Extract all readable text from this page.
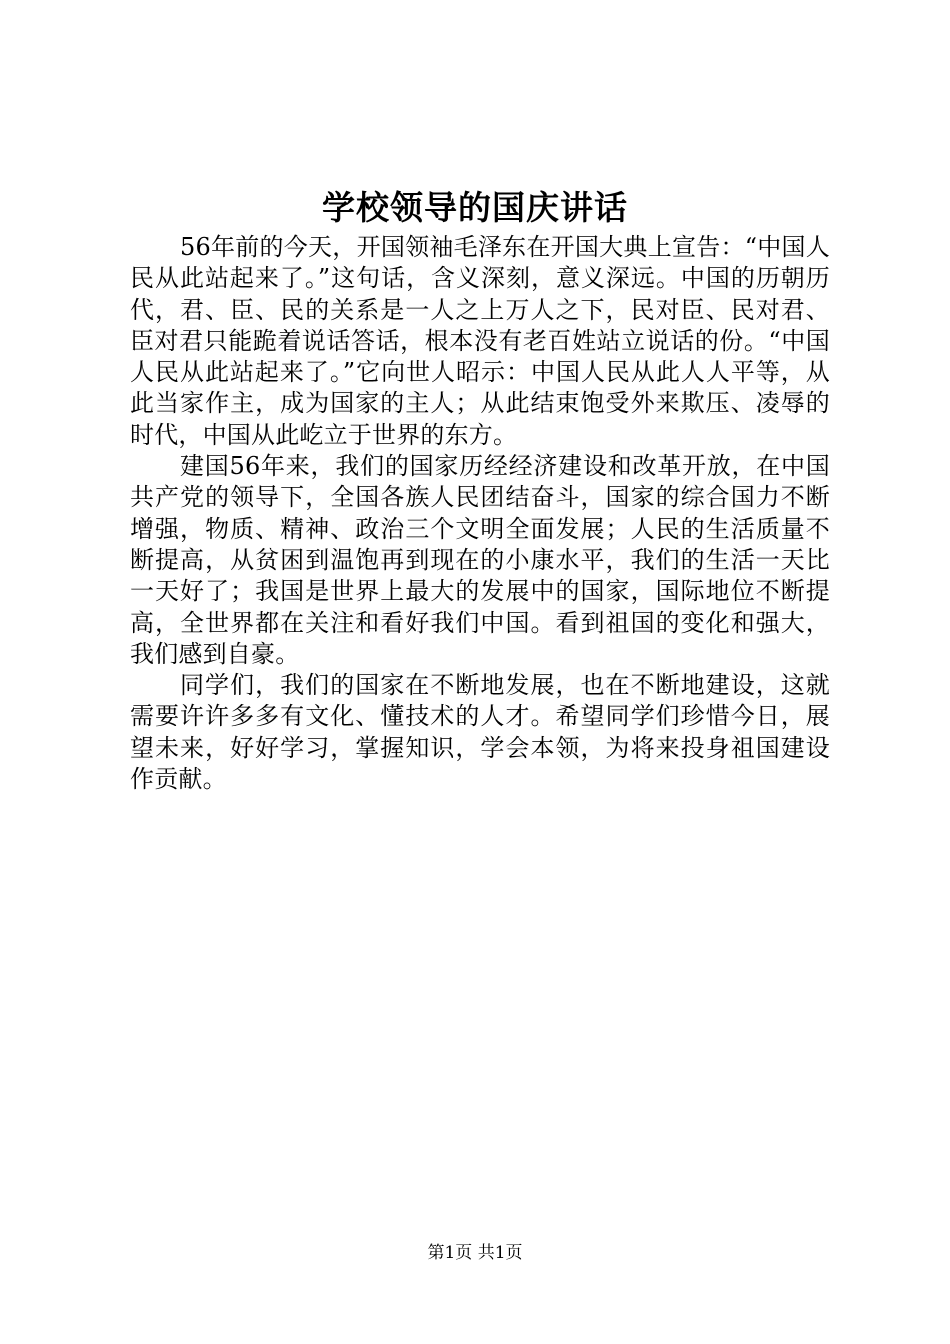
学校领导的国庆讲话

56年前的今天，开国领袖毛泽东在开国大典上宣告：“中国人民从此站起来了。”这句话，含义深刻，意义深远。中国的历朝历代，君、臣、民的关系是一人之上万人之下，民对臣、民对君、臣对君只能跪着说话答话，根本没有老百姓站立说话的份。“中国人民从此站起来了。”它向世人昭示：中国人民从此人人平等，从此当家作主，成为国家的主人；从此结束饱受外来欺压、凌辱的时代，中国从此屹立于世界的东方。

建国56年来，我们的国家历经经济建设和改革开放，在中国共产党的领导下，全国各族人民团结奋斗，国家的综合国力不断增强，物质、精神、政治三个文明全面发展；人民的生活质量不断提高，从贫困到温饱再到现在的小康水平，我们的生活一天比一天好了；我国是世界上最大的发展中的国家，国际地位不断提高，全世界都在关注和看好我们中国。看到祖国的变化和强大，我们感到自豪。

同学们，我们的国家在不断地发展，也在不断地建设，这就需要许许多多有文化、懂技术的人才。希望同学们珍惜今日，展望未来，好好学习，掌握知识，学会本领，为将来投身祖国建设作贡献。

第1页 共1页
